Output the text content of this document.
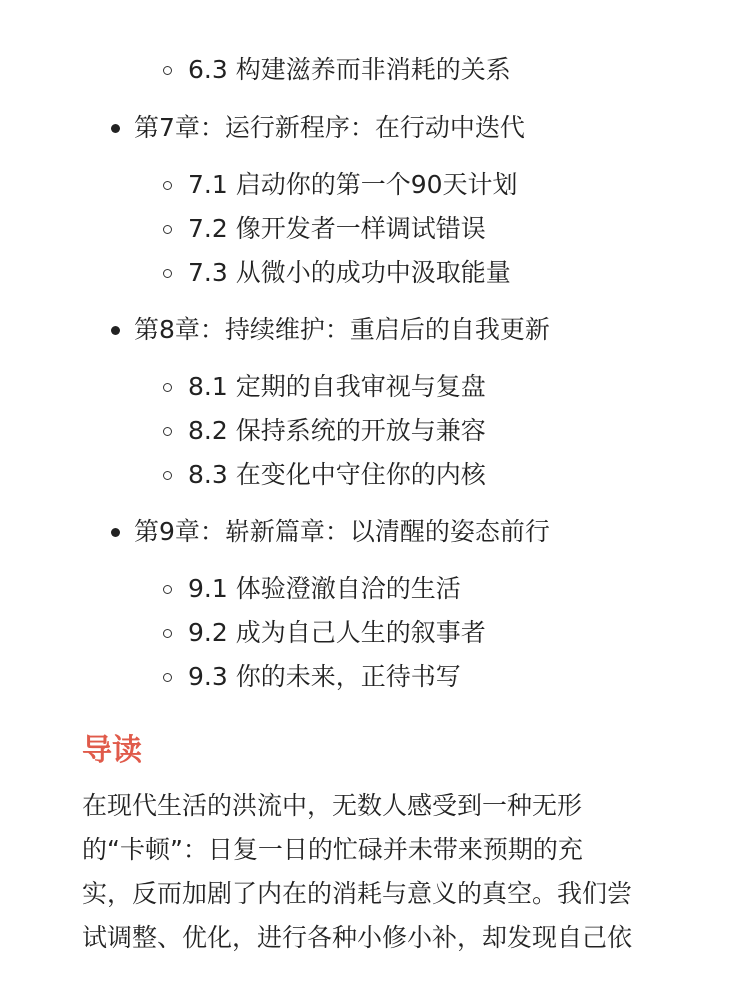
6.3 构建滋养而非消耗的关系
第7章：运行新程序：在行动中迭代
7.1 启动你的第一个90天计划
7.2 像开发者一样调试错误
7.3 从微小的成功中汲取能量
第8章：持续维护：重启后的自我更新
8.1 定期的自我审视与复盘
8.2 保持系统的开放与兼容
8.3 在变化中守住你的内核
第9章：崭新篇章：以清醒的姿态前行
9.1 体验澄澈自洽的生活
9.2 成为自己人生的叙事者
9.3 你的未来，正待书写
导读
在现代生活的洪流中，无数人感受到一种无形
的“卡顿”：日复一日的忙碌并未带来预期的充
实，反而加剧了内在的消耗与意义的真空。我们尝
试调整、优化，进行各种小修小补，却发现自己依
